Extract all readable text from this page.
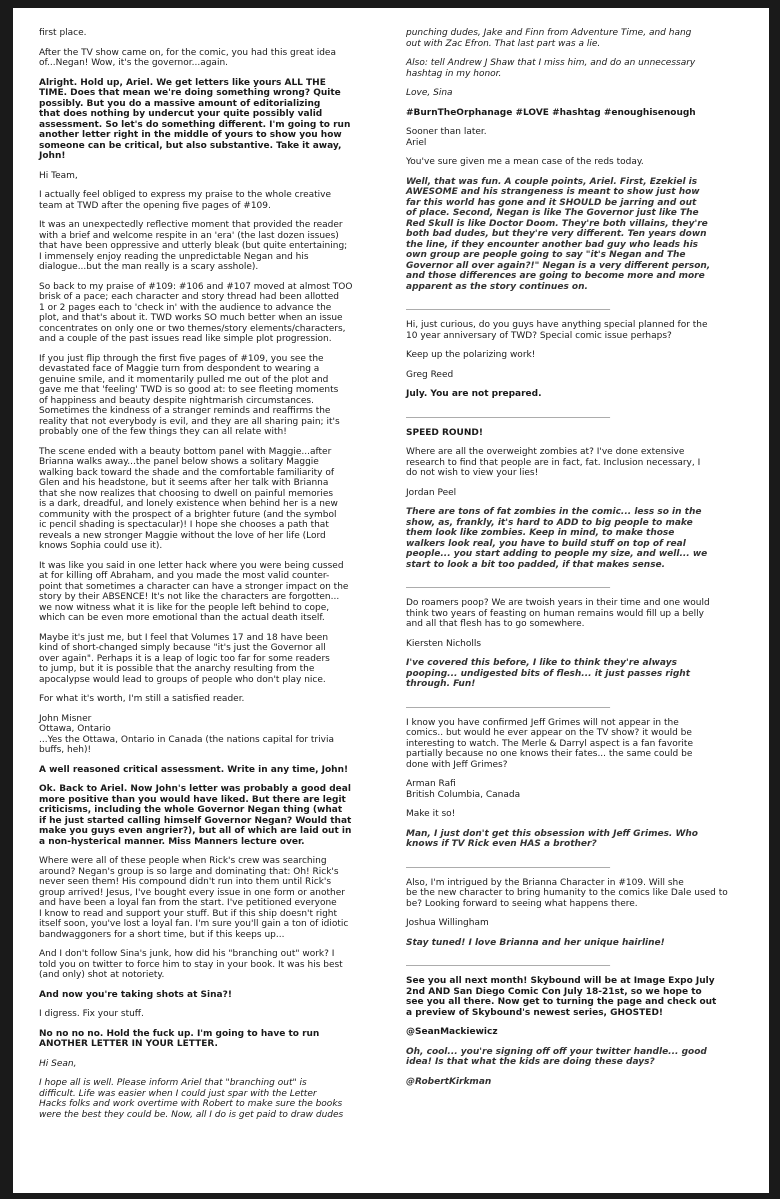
first place.

After the TV show came on, for the comic, you had this great idea
of...Negan! Wow, it's the governor...again.

Alright. Hold up, Ariel. We get letters like yours ALL THE
TIME. Does that mean we're doing something wrong? Quite
possibly. But you do a massive amount of editorializing
that does nothing by undercut your quite possibly valid
assessment. So let's do something different. I'm going to run
another letter right in the middle of yours to show you how
someone can be critical, but also substantive. Take it away,
John!

Hi Team,

I actually feel obliged to express my praise to the whole creative
team at TWD after the opening five pages of #109.

It was an unexpectedly reflective moment that provided the reader
with a brief and welcome respite in an 'era' (the last dozen issues)
that have been oppressive and utterly bleak (but quite entertaining;
I immensely enjoy reading the unpredictable Negan and his
dialogue...but the man really is a scary asshole).

So back to my praise of #109: #106 and #107 moved at almost TOO
brisk of a pace; each character and story thread had been allotted
1 or 2 pages each to 'check in' with the audience to advance the
plot, and that's about it. TWD works SO much better when an issue
concentrates on only one or two themes/story elements/characters,
and a couple of the past issues read like simple plot progression.

If you just flip through the first five pages of #109, you see the
devastated face of Maggie turn from despondent to wearing a
genuine smile, and it momentarily pulled me out of the plot and
gave me that 'feeling' TWD is so good at: to see fleeting moments
of happiness and beauty despite nightmarish circumstances.
Sometimes the kindness of a stranger reminds and reaffirms the
reality that not everybody is evil, and they are all sharing pain; it's
probably one of the few things they can all relate with!

The scene ended with a beauty bottom panel with Maggie...after
Brianna walks away...the panel below shows a solitary Maggie
walking back toward the shade and the comfortable familiarity of
Glen and his headstone, but it seems after her talk with Brianna
that she now realizes that choosing to dwell on painful memories
is a dark, dreadful, and lonely existence when behind her is a new
community with the prospect of a brighter future (and the symbol
ic pencil shading is spectacular)! I hope she chooses a path that
reveals a new stronger Maggie without the love of her life (Lord
knows Sophia could use it).

It was like you said in one letter hack where you were being cussed
at for killing off Abraham, and you made the most valid counter-
point that sometimes a character can have a stronger impact on the
story by their ABSENCE! It's not like the characters are forgotten...
we now witness what it is like for the people left behind to cope,
which can be even more emotional than the actual death itself.

Maybe it's just me, but I feel that Volumes 17 and 18 have been
kind of short-changed simply because "it's just the Governor all
over again". Perhaps it is a leap of logic too far for some readers
to jump, but it is possible that the anarchy resulting from the
apocalypse would lead to groups of people who don't play nice.

For what it's worth, I'm still a satisfied reader.

John Misner
Ottawa, Ontario
...Yes the Ottawa, Ontario in Canada (the nations capital for trivia
buffs, heh)!

A well reasoned critical assessment. Write in any time, John!

Ok. Back to Ariel. Now John's letter was probably a good deal
more positive than you would have liked. But there are legit
criticisms, including the whole Governor Negan thing (what
if he just started calling himself Governor Negan? Would that
make you guys even angrier?), but all of which are laid out in
a non-hysterical manner. Miss Manners lecture over.

Where were all of these people when Rick's crew was searching
around? Negan's group is so large and dominating that: Oh! Rick's
never seen them! His compound didn't run into them until Rick's
group arrived! Jesus, I've bought every issue in one form or another
and have been a loyal fan from the start. I've petitioned everyone
I know to read and support your stuff. But if this ship doesn't right
itself soon, you've lost a loyal fan. I'm sure you'll gain a ton of idiotic
bandwaggoners for a short time, but if this keeps up...

And I don't follow Sina's junk, how did his "branching out" work? I
told you on twitter to force him to stay in your book. It was his best
(and only) shot at notoriety.

And now you're taking shots at Sina?!

I digress. Fix your stuff.

No no no no. Hold the fuck up. I'm going to have to run
ANOTHER LETTER IN YOUR LETTER.

Hi Sean,

I hope all is well. Please inform Ariel that "branching out" is
difficult. Life was easier when I could just spar with the Letter
Hacks folks and work overtime with Robert to make sure the books
were the best they could be. Now, all I do is get paid to draw dudes

punching dudes, Jake and Finn from Adventure Time, and hang
out with Zac Efron. That last part was a lie.

Also: tell Andrew J Shaw that I miss him, and do an unnecessary
hashtag in my honor.

Love, Sina

#BurnTheOrphanage #LOVE #hashtag #enoughisenough

Sooner than later.
Ariel

You've sure given me a mean case of the reds today.

Well, that was fun. A couple points, Ariel. First, Ezekiel is
AWESOME and his strangeness is meant to show just how
far this world has gone and it SHOULD be jarring and out
of place. Second, Negan is like The Governor just like The
Red Skull is like Doctor Doom. They're both villains, they're
both bad dudes, but they're very different. Ten years down
the line, if they encounter another bad guy who leads his
own group are people going to say "it's Negan and The
Governor all over again?!" Negan is a very different person,
and those differences are going to become more and more
apparent as the story continues on.

___________________________________________________

Hi, just curious, do you guys have anything special planned for the
10 year anniversary of TWD? Special comic issue perhaps?

Keep up the polarizing work!

Greg Reed

July. You are not prepared.

___________________________________________________

SPEED ROUND!

Where are all the overweight zombies at? I've done extensive
research to find that people are in fact, fat. Inclusion necessary, I
do not wish to view your lies!

Jordan Peel

There are tons of fat zombies in the comic... less so in the
show, as, frankly, it's hard to ADD to big people to make
them look like zombies. Keep in mind, to make those
walkers look real, you have to build stuff on top of real
people... you start adding to people my size, and well... we
start to look a bit too padded, if that makes sense.

___________________________________________________

Do roamers poop? We are twoish years in their time and one would
think two years of feasting on human remains would fill up a belly
and all that flesh has to go somewhere.

Kiersten Nicholls

I've covered this before, I like to think they're always
pooping... undigested bits of flesh... it just passes right
through. Fun!

___________________________________________________

I know you have confirmed Jeff Grimes will not appear in the
comics.. but would he ever appear on the TV show? it would be
interesting to watch. The Merle & Darryl aspect is a fan favorite
partially because no one knows their fates... the same could be
done with Jeff Grimes?

Arman Rafi
British Columbia, Canada

Make it so!

Man, I just don't get this obsession with Jeff Grimes. Who
knows if TV Rick even HAS a brother?

___________________________________________________

Also, I'm intrigued by the Brianna Character in #109. Will she
be the new character to bring humanity to the comics like Dale used to
be? Looking forward to seeing what happens there.

Joshua Willingham

Stay tuned! I love Brianna and her unique hairline!

___________________________________________________

See you all next month! Skybound will be at Image Expo July
2nd AND San Diego Comic Con July 18-21st, so we hope to
see you all there. Now get to turning the page and check out
a preview of Skybound's newest series, GHOSTED!

@SeanMackiewicz

Oh, cool... you're signing off off your twitter handle... good
idea! Is that what the kids are doing these days?

@RobertKirkman
